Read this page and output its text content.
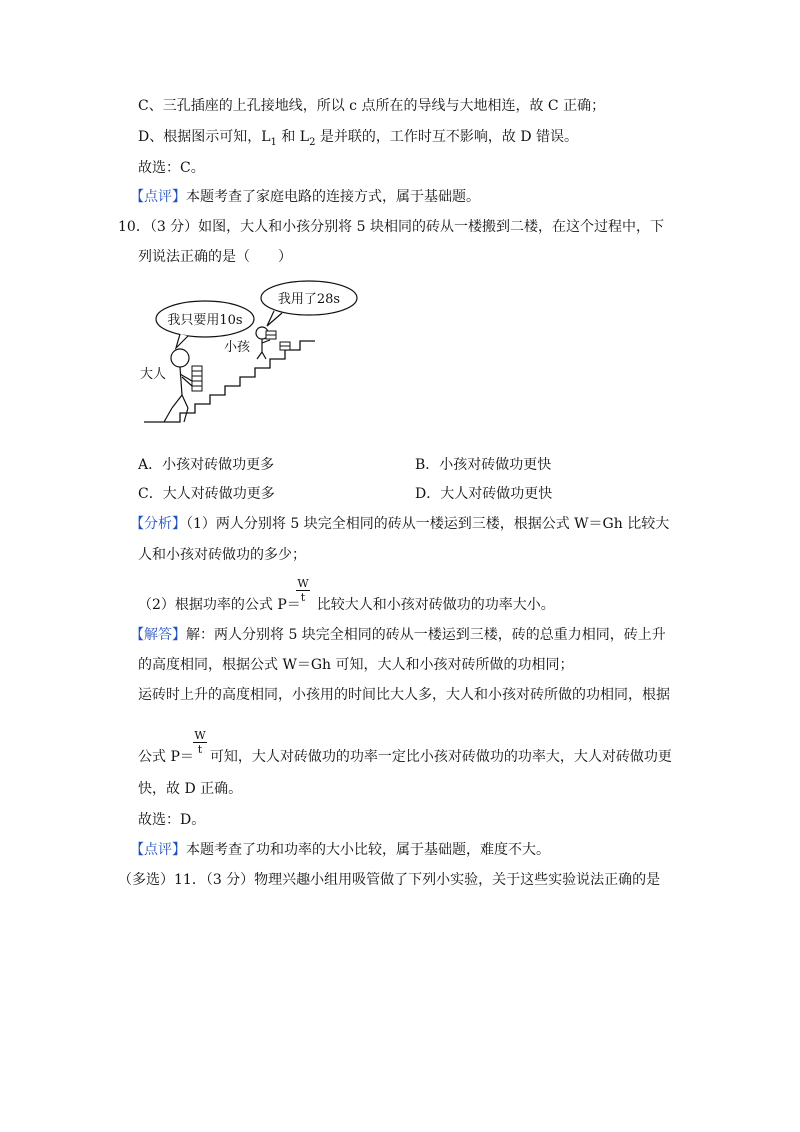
C、三孔插座的上孔接地线，所以 c 点所在的导线与大地相连，故 C 正确；
D、根据图示可知，$L_1$ 和 $L_2$ 是并联的，工作时互不影响，故 D 错误。
故选：C。
【点评】本题考查了家庭电路的连接方式，属于基础题。
10．（3 分）如图，大人和小孩分别将 5 块相同的砖从一楼搬到二楼，在这个过程中，下
列说法正确的是（　　）
我只要用10s
我用了28s
小孩
大人
A．小孩对砖做功更多	B．小孩对砖做功更快
C．大人对砖做功更多	D．大人对砖做功更快
【分析】（1）两人分别将 5 块完全相同的砖从一楼运到三楼，根据公式 W＝Gh 比较大
人和小孩对砖做功的多少；
（2）根据功率的公式 P＝ 比较大人和小孩对砖做功的功率大小。
$\frac{W}{t}$
【解答】解：两人分别将 5 块完全相同的砖从一楼运到三楼，砖的总重力相同，砖上升
的高度相同，根据公式 W＝Gh 可知，大人和小孩对砖所做的功相同；
运砖时上升的高度相同，小孩用的时间比大人多，大人和小孩对砖所做的功相同，根据
公式 P＝ 可知，大人对砖做功的功率一定比小孩对砖做功的功率大，大人对砖做功更
$\frac{W}{t}$
快，故 D 正确。
故选：D。
【点评】本题考查了功和功率的大小比较，属于基础题，难度不大。
（多选）11．（3 分）物理兴趣小组用吸管做了下列小实验，关于这些实验说法正确的是
